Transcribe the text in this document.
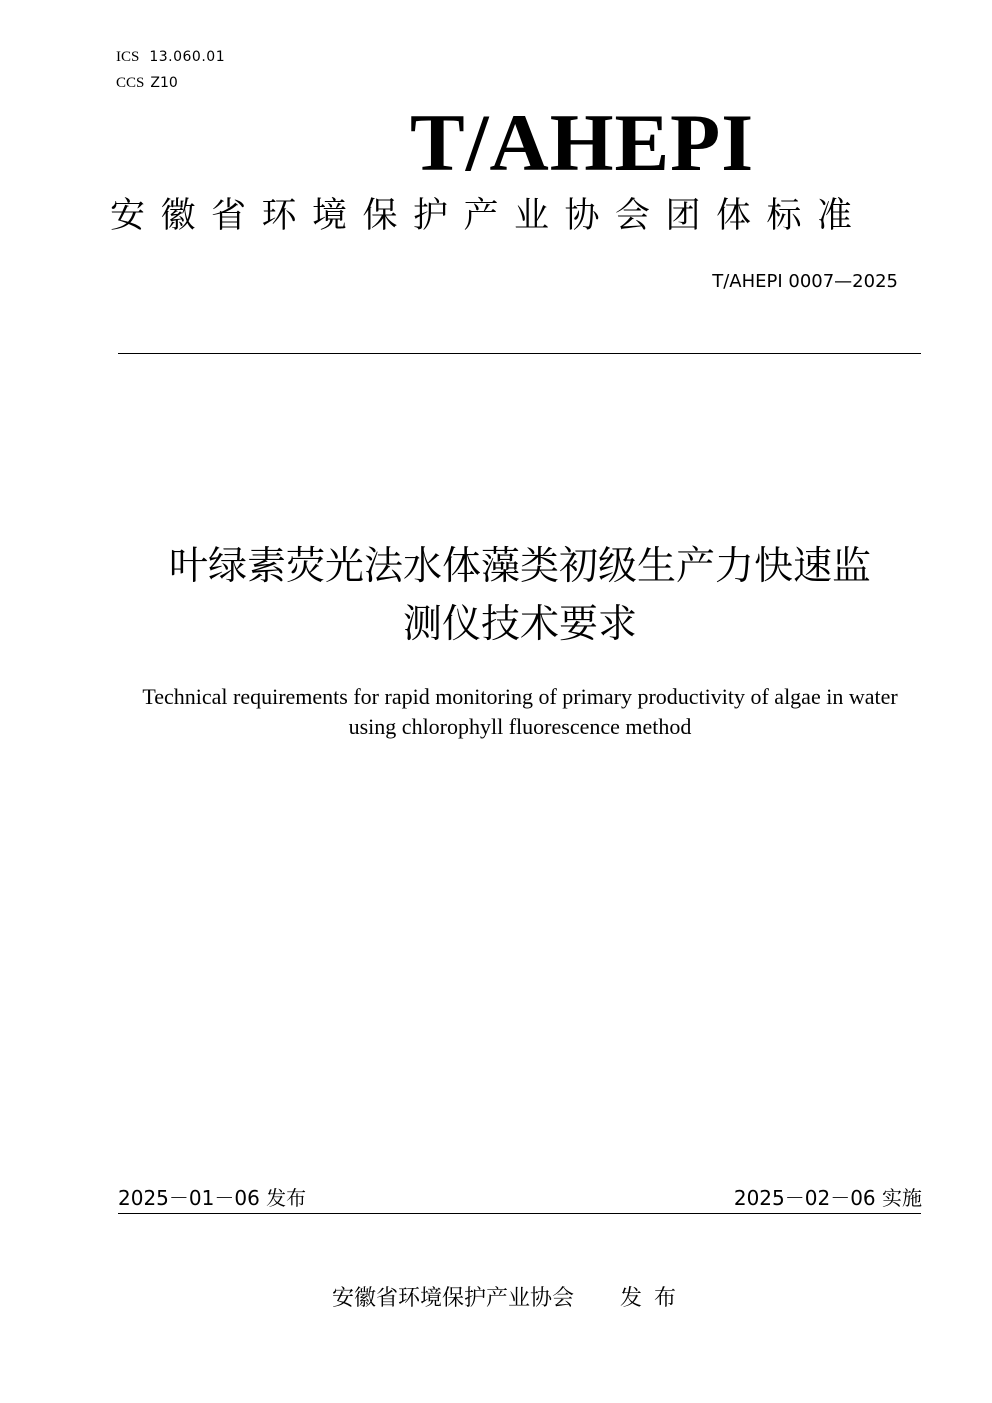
ICS 13.060.01
CCS Z10
T/AHEPI
安徽省环境保护产业协会团体标准
T/AHEPI 0007—2025
叶绿素荧光法水体藻类初级生产力快速监
测仪技术要求
Technical requirements for rapid monitoring of primary productivity of algae in water
using chlorophyll fluorescence method
2025－01－06 发布	2025－02－06 实施
安徽省环境保护产业协会 发布
